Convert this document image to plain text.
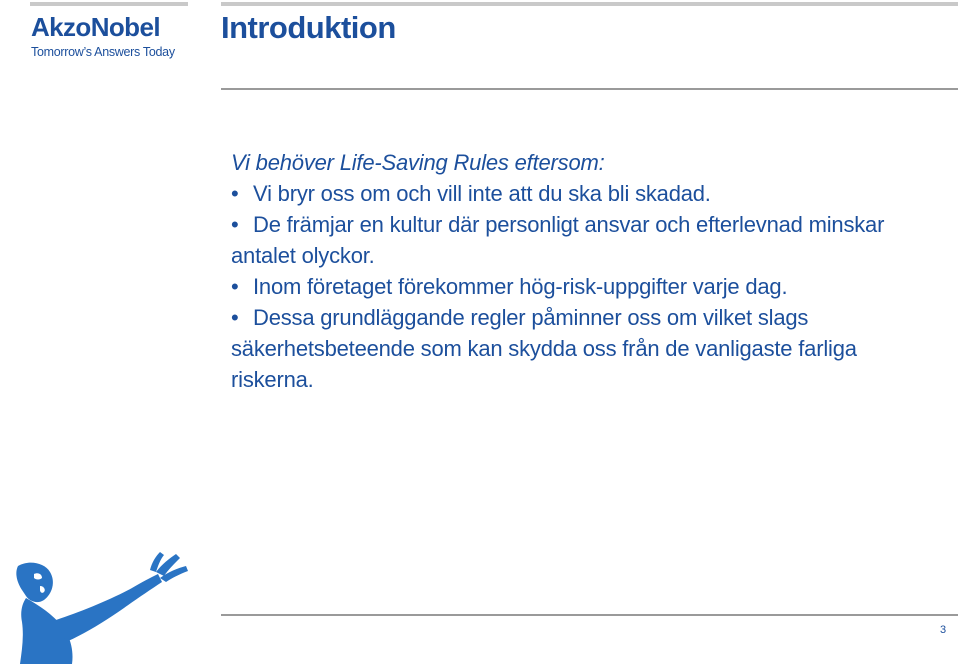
AkzoNobel
Tomorrow’s Answers Today
Introduktion

Vi behöver Life-Saving Rules eftersom:

• Vi bryr oss om och vill inte att du ska bli skadad.

• De främjar en kultur där personligt ansvar och efterlevnad minskar antalet olyckor.

• Inom företaget förekommer hög-risk-uppgifter varje dag.

• Dessa grundläggande regler påminner oss om vilket slags säkerhetsbeteende som kan skydda oss från de vanligaste farliga riskerna.

3
